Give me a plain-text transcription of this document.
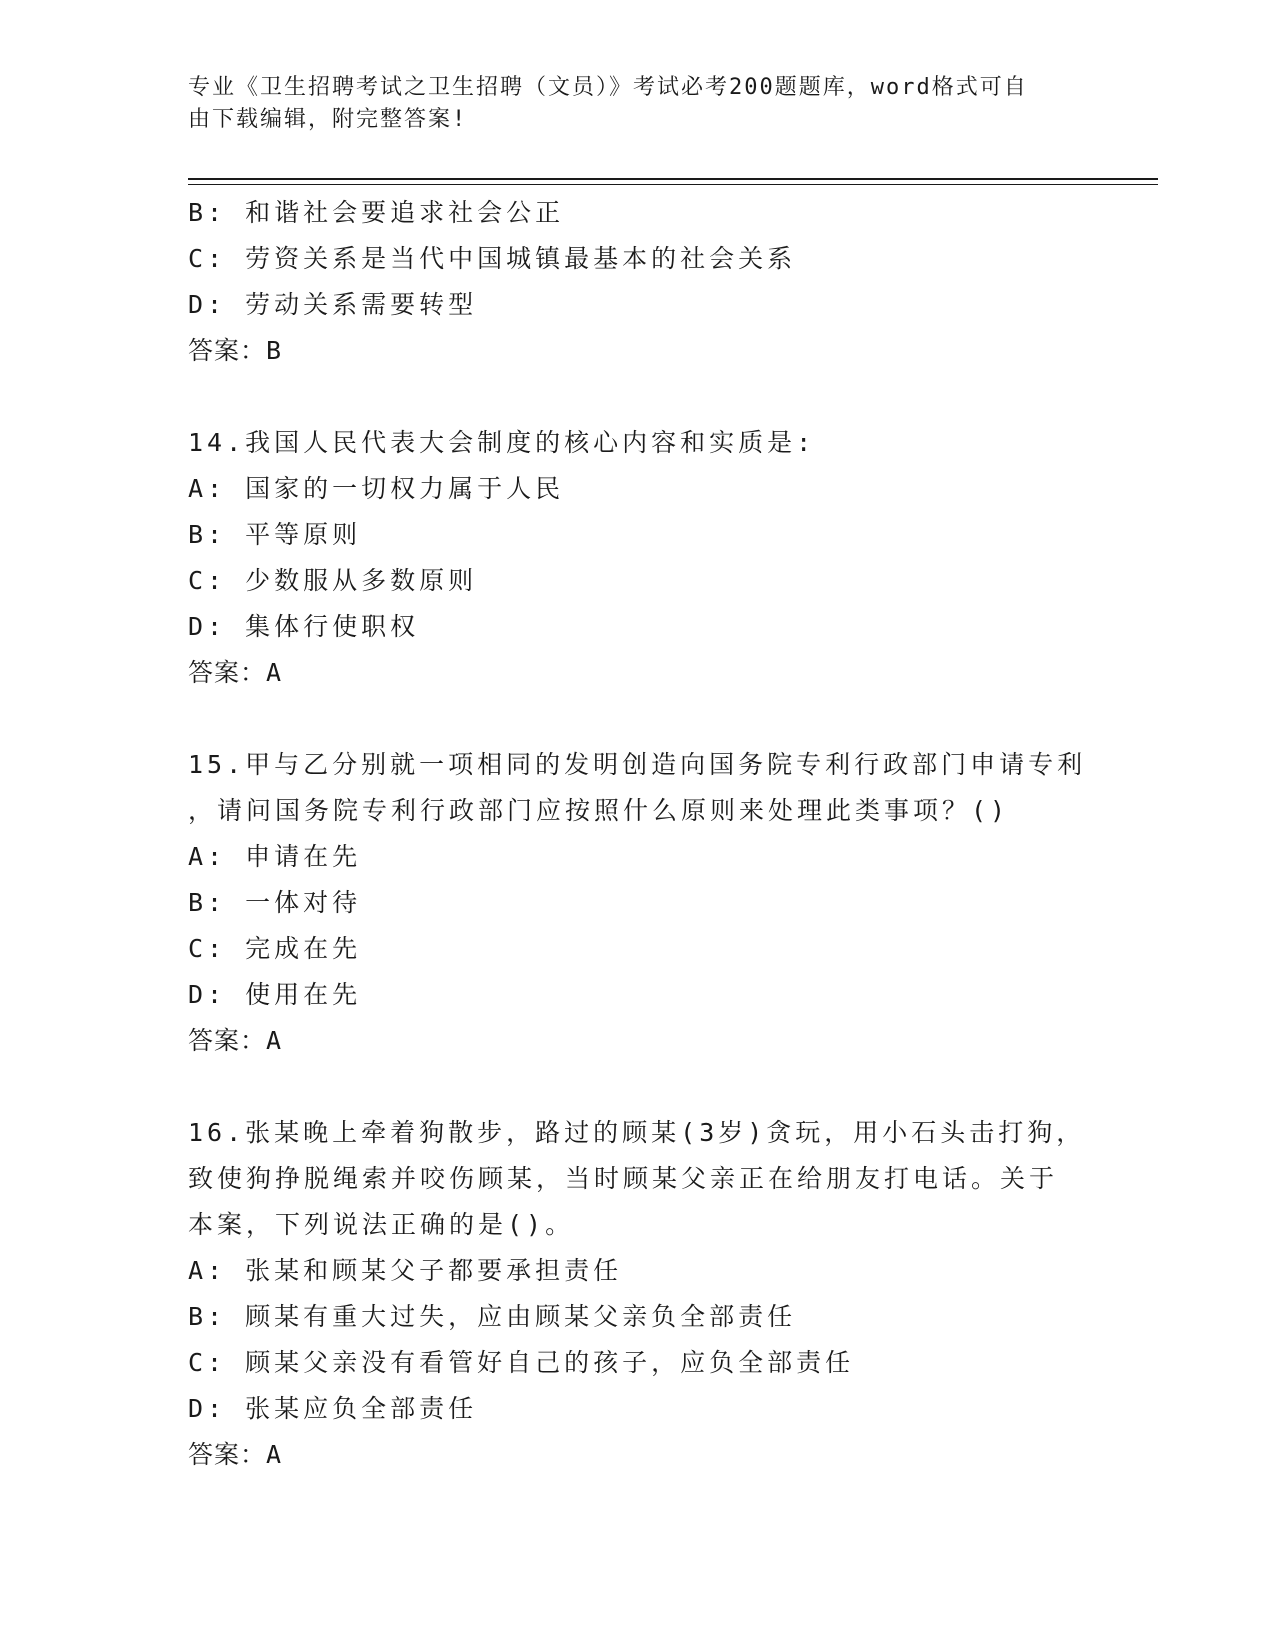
专业《卫生招聘考试之卫生招聘（文员）》考试必考200题题库，word格式可自
由下载编辑，附完整答案!
B: 和谐社会要追求社会公正
C: 劳资关系是当代中国城镇最基本的社会关系
D: 劳动关系需要转型
答案：B
14.我国人民代表大会制度的核心内容和实质是:
A: 国家的一切权力属于人民
B: 平等原则
C: 少数服从多数原则
D: 集体行使职权
答案：A
15.甲与乙分别就一项相同的发明创造向国务院专利行政部门申请专利
，请问国务院专利行政部门应按照什么原则来处理此类事项？()
A: 申请在先
B: 一体对待
C: 完成在先
D: 使用在先
答案：A
16.张某晚上牵着狗散步，路过的顾某(3岁)贪玩，用小石头击打狗，
致使狗挣脱绳索并咬伤顾某，当时顾某父亲正在给朋友打电话。关于
本案，下列说法正确的是()。
A: 张某和顾某父子都要承担责任
B: 顾某有重大过失，应由顾某父亲负全部责任
C: 顾某父亲没有看管好自己的孩子，应负全部责任
D: 张某应负全部责任
答案：A
